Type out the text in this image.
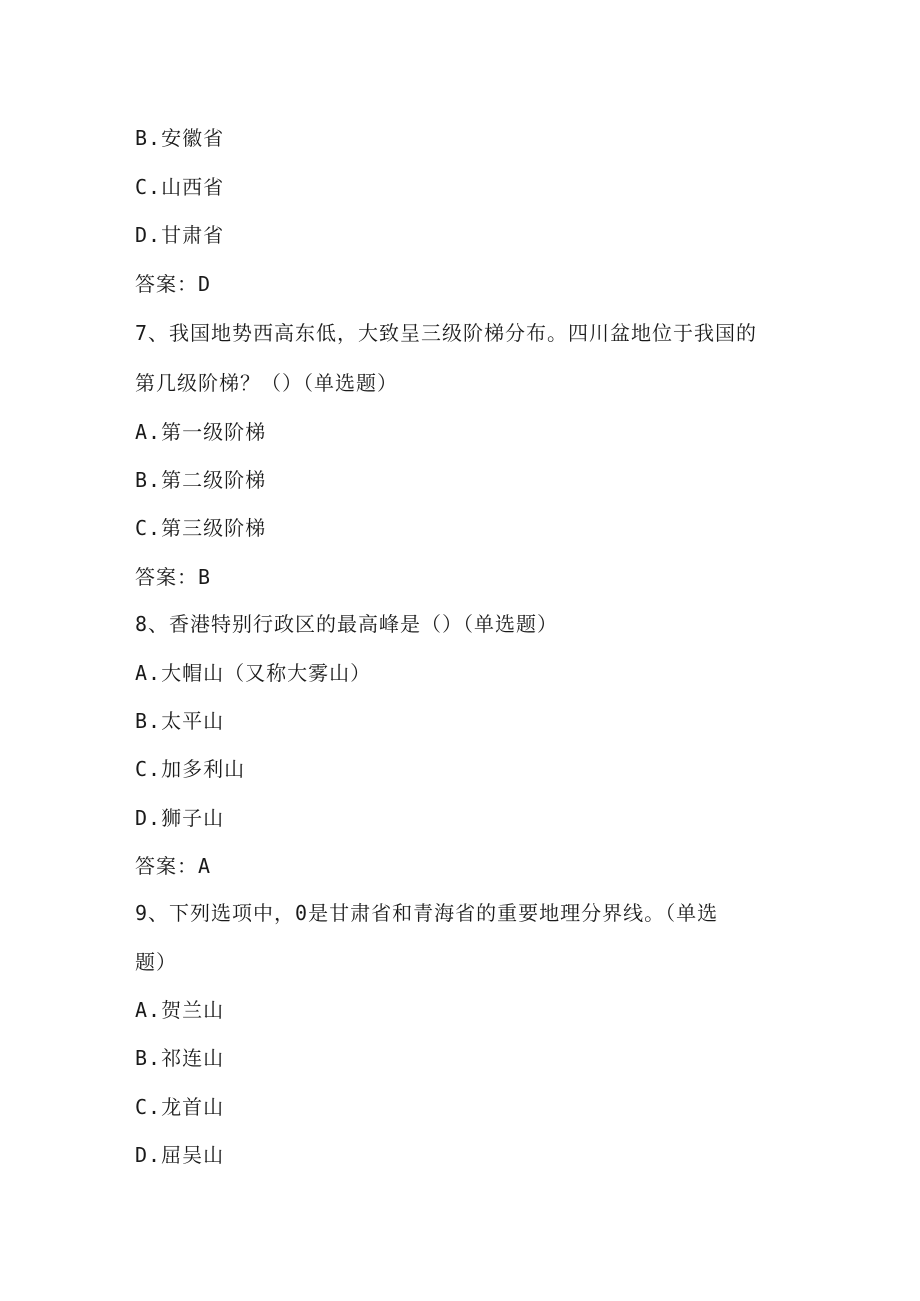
B.安徽省
C.山西省
D.甘肃省
答案：D
7、我国地势西高东低，大致呈三级阶梯分布。四川盆地位于我国的
第几级阶梯？（）（单选题）
A.第一级阶梯
B.第二级阶梯
C.第三级阶梯
答案：B
8、香港特别行政区的最高峰是（）（单选题）
A.大帽山（又称大雾山）
B.太平山
C.加多利山
D.狮子山
答案：A
9、下列选项中，0是甘肃省和青海省的重要地理分界线。（单选
题）
A.贺兰山
B.祁连山
C.龙首山
D.屈吴山
